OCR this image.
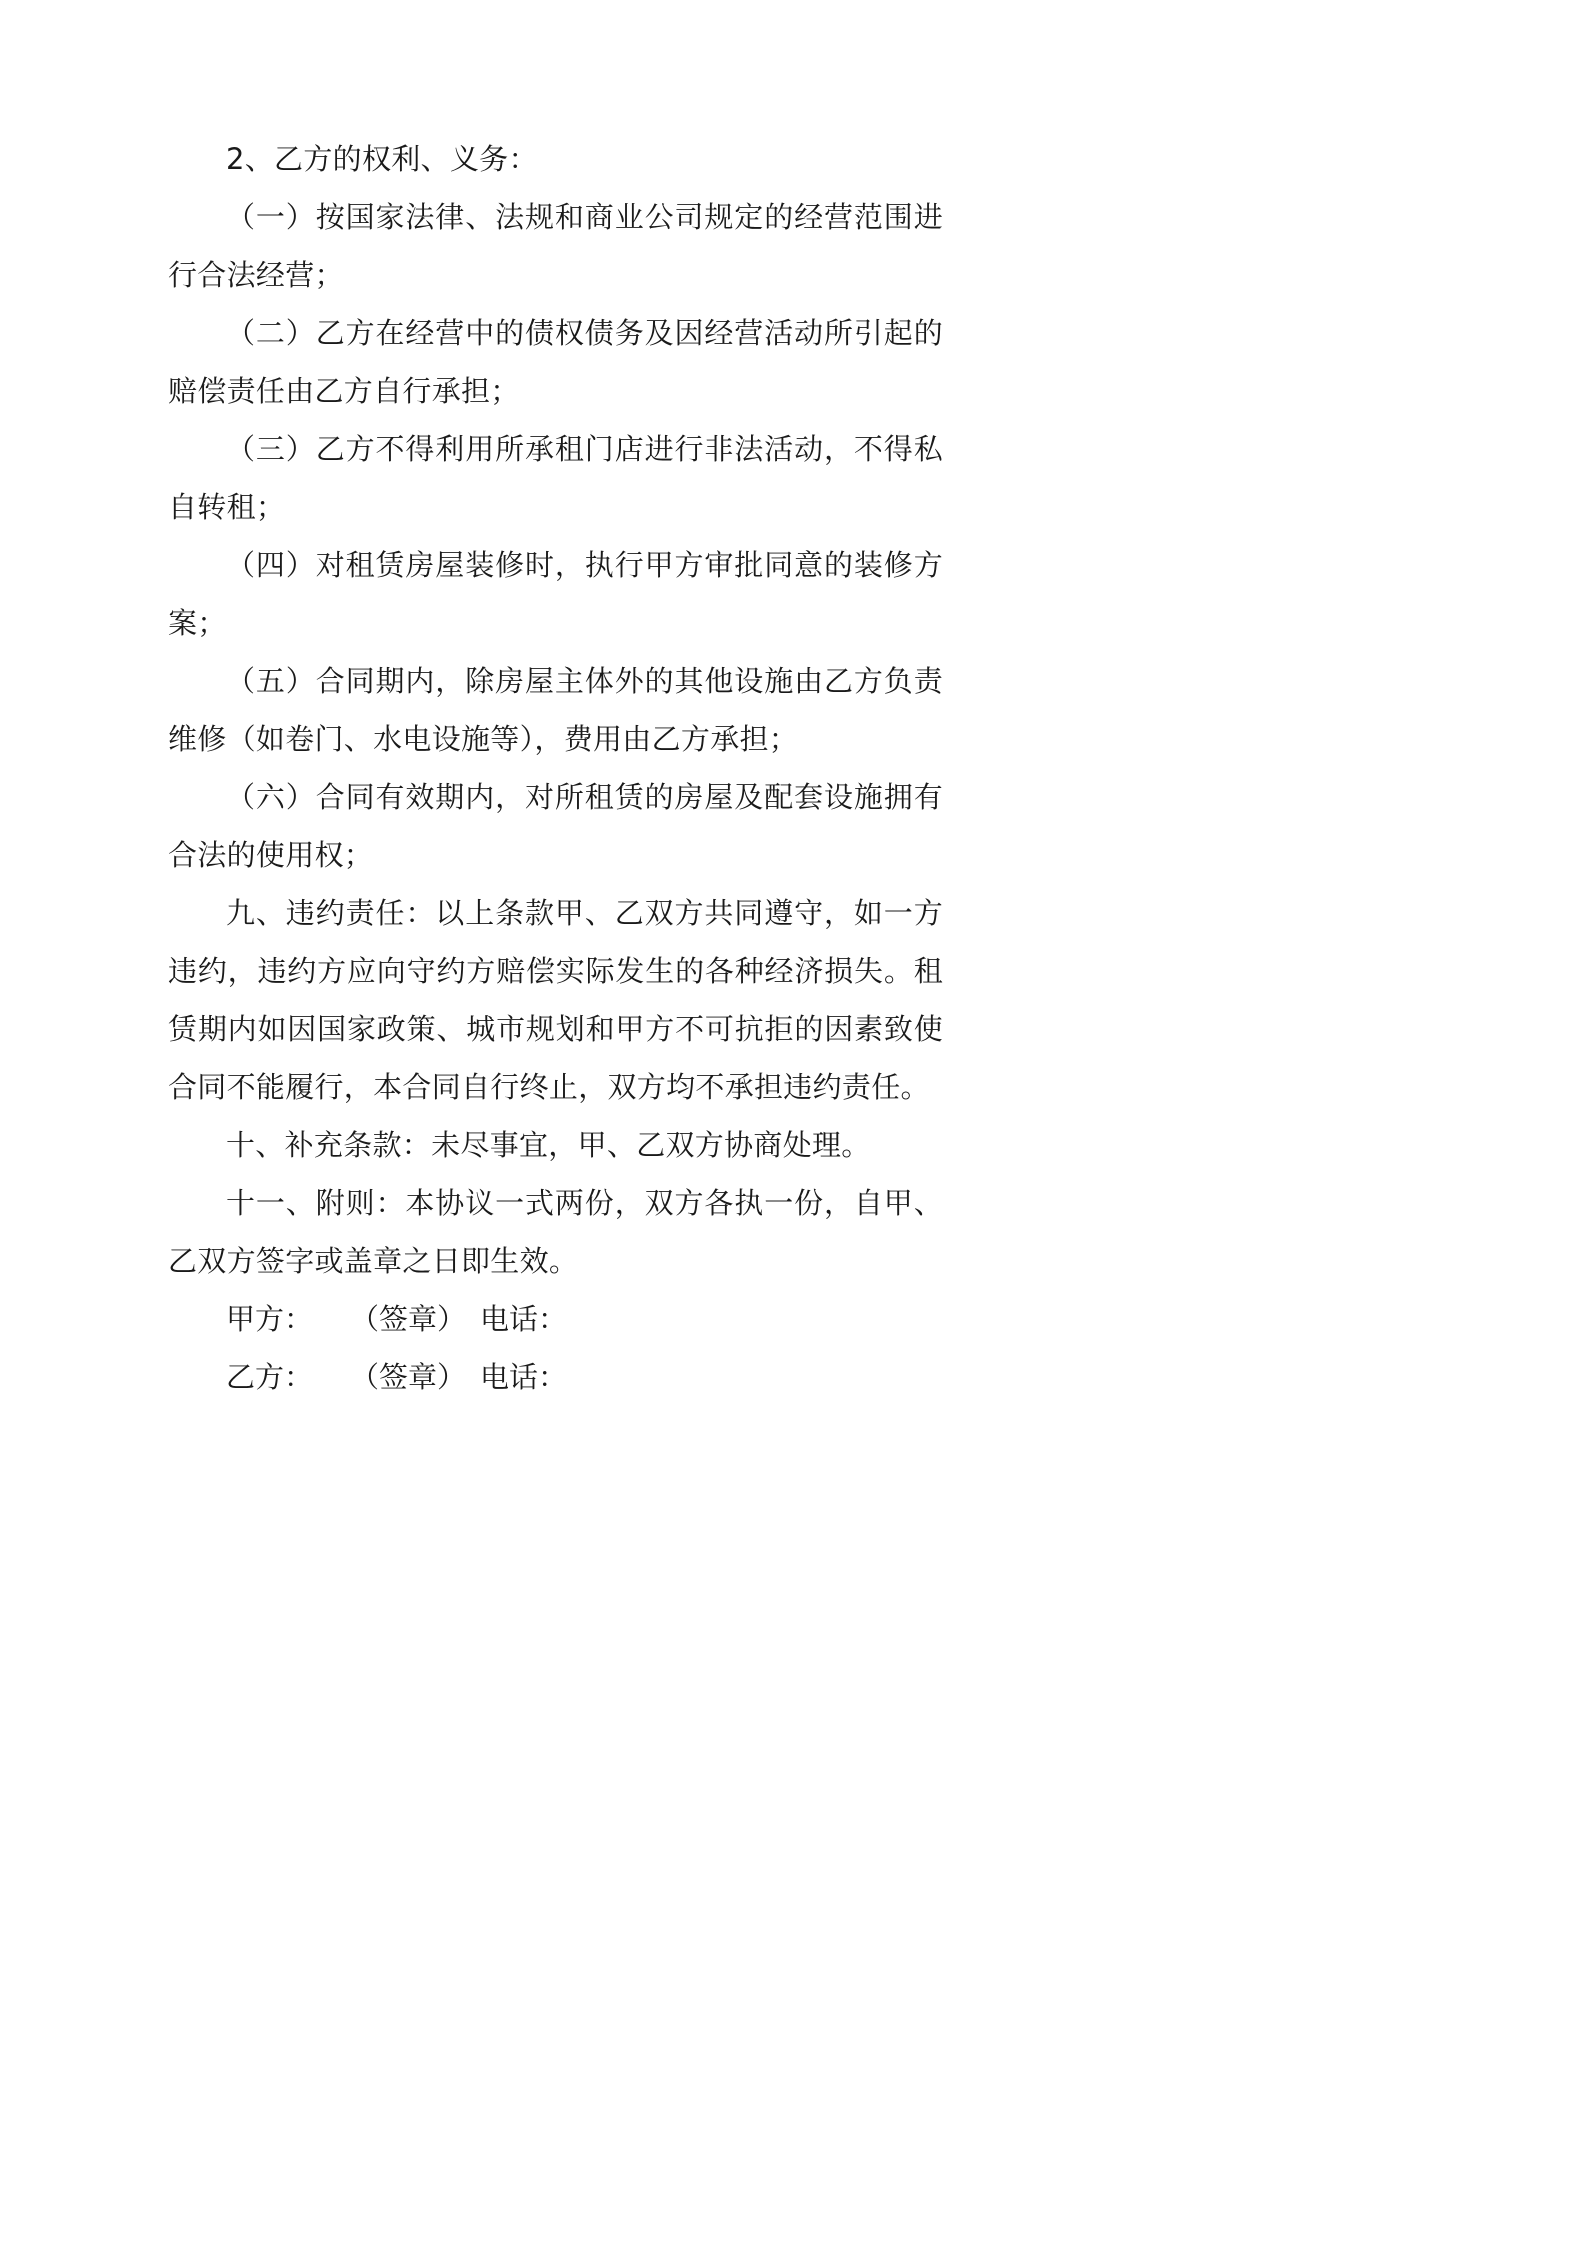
2、乙方的权利、义务：

（一）按国家法律、法规和商业公司规定的经营范围进行合法经营；

（二）乙方在经营中的债权债务及因经营活动所引起的赔偿责任由乙方自行承担；

（三）乙方不得利用所承租门店进行非法活动，不得私自转租；

（四）对租赁房屋装修时，执行甲方审批同意的装修方案；

（五）合同期内，除房屋主体外的其他设施由乙方负责维修（如卷门、水电设施等），费用由乙方承担；

（六）合同有效期内，对所租赁的房屋及配套设施拥有合法的使用权；

九、违约责任：以上条款甲、乙双方共同遵守，如一方违约，违约方应向守约方赔偿实际发生的各种经济损失。租赁期内如因国家政策、城市规划和甲方不可抗拒的因素致使合同不能履行，本合同自行终止，双方均不承担违约责任。

十、补充条款：未尽事宜，甲、乙双方协商处理。

十一、附则：本协议一式两份，双方各执一份，自甲、乙双方签字或盖章之日即生效。

甲方： （签章） 电话：
乙方： （签章） 电话：
